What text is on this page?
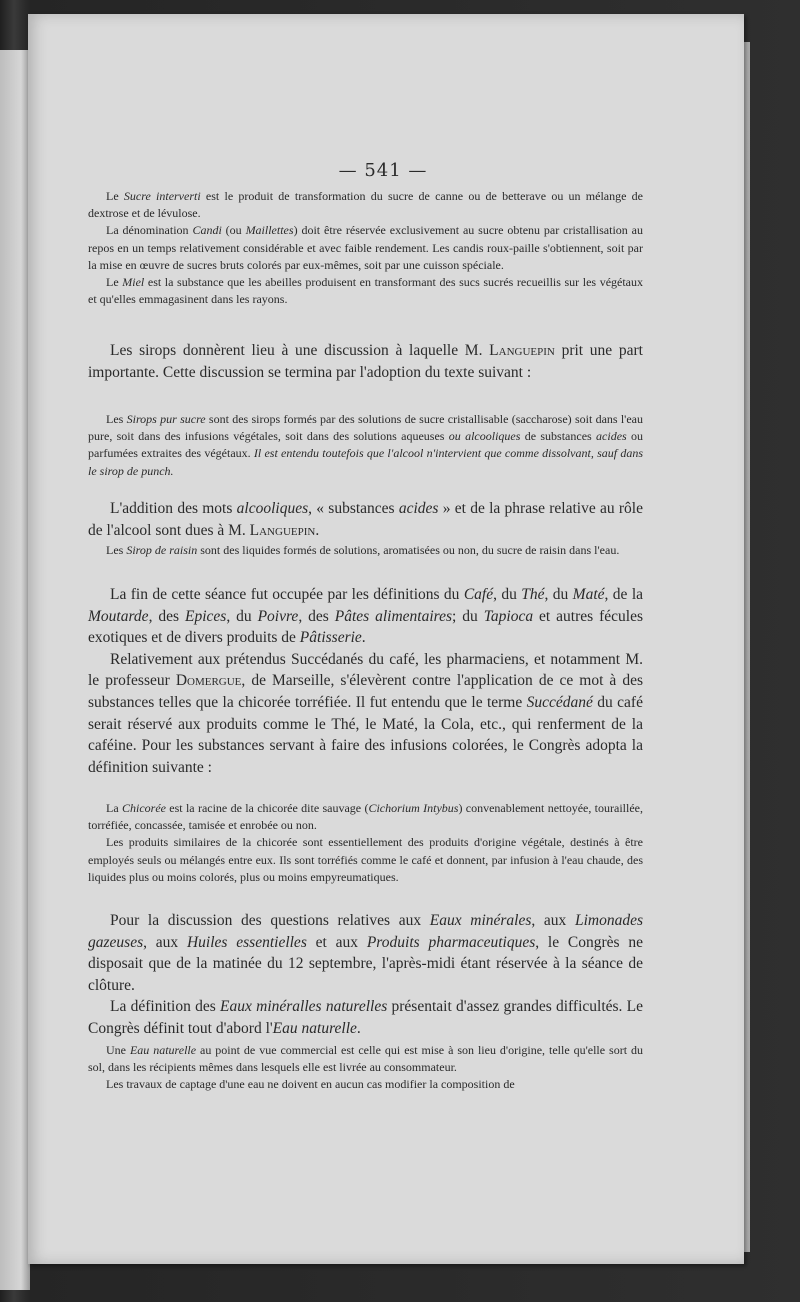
— 541 —

Le Sucre interverti est le produit de transformation du sucre de canne ou de betterave ou un mélange de dextrose et de lévulose.

La dénomination Candi (ou Maillettes) doit être réservée exclusivement au sucre obtenu par cristallisation au repos en un temps relativement considérable et avec faible rendement. Les candis roux-paille s'obtiennent, soit par la mise en œuvre de sucres bruts colorés par eux-mêmes, soit par une cuisson spéciale.

Le Miel est la substance que les abeilles produisent en transformant des sucs sucrés recueillis sur les végétaux et qu'elles emmagasinent dans les rayons.

Les sirops donnèrent lieu à une discussion à laquelle M. Languepin prit une part importante. Cette discussion se termina par l'adoption du texte suivant :

Les Sirops pur sucre sont des sirops formés par des solutions de sucre cristallisable (saccharose) soit dans l'eau pure, soit dans des infusions végétales, soit dans des solutions aqueuses ou alcooliques de substances acides ou parfumées extraites des végétaux. Il est entendu toutefois que l'alcool n'intervient que comme dissolvant, sauf dans le sirop de punch.

L'addition des mots alcooliques, « substances acides » et de la phrase relative au rôle de l'alcool sont dues à M. Languepin.

Les Sirop de raisin sont des liquides formés de solutions, aromatisées ou non, du sucre de raisin dans l'eau.

La fin de cette séance fut occupée par les définitions du Café, du Thé, du Maté, de la Moutarde, des Epices, du Poivre, des Pâtes alimentaires; du Tapioca et autres fécules exotiques et de divers produits de Pâtisserie.

Relativement aux prétendus Succédanés du café, les pharmaciens, et notamment M. le professeur Domergue, de Marseille, s'élevèrent contre l'application de ce mot à des substances telles que la chicorée torréfiée. Il fut entendu que le terme Succédané du café serait réservé aux produits comme le Thé, le Maté, la Cola, etc., qui renferment de la caféine. Pour les substances servant à faire des infusions colorées, le Congrès adopta la définition suivante :

La Chicorée est la racine de la chicorée dite sauvage (Cichorium Intybus) convenablement nettoyée, touraillée, torréfiée, concassée, tamisée et enrobée ou non.

Les produits similaires de la chicorée sont essentiellement des produits d'origine végétale, destinés à être employés seuls ou mélangés entre eux. Ils sont torréfiés comme le café et donnent, par infusion à l'eau chaude, des liquides plus ou moins colorés, plus ou moins empyreumatiques.

Pour la discussion des questions relatives aux Eaux minérales, aux Limonades gazeuses, aux Huiles essentielles et aux Produits pharmaceutiques, le Congrès ne disposait que de la matinée du 12 septembre, l'après-midi étant réservée à la séance de clôture.

La définition des Eaux minéralles naturelles présentait d'assez grandes difficultés. Le Congrès définit tout d'abord l'Eau naturelle.

Une Eau naturelle au point de vue commercial est celle qui est mise à son lieu d'origine, telle qu'elle sort du sol, dans les récipients mêmes dans lesquels elle est livrée au consommateur.

Les travaux de captage d'une eau ne doivent en aucun cas modifier la composition de
